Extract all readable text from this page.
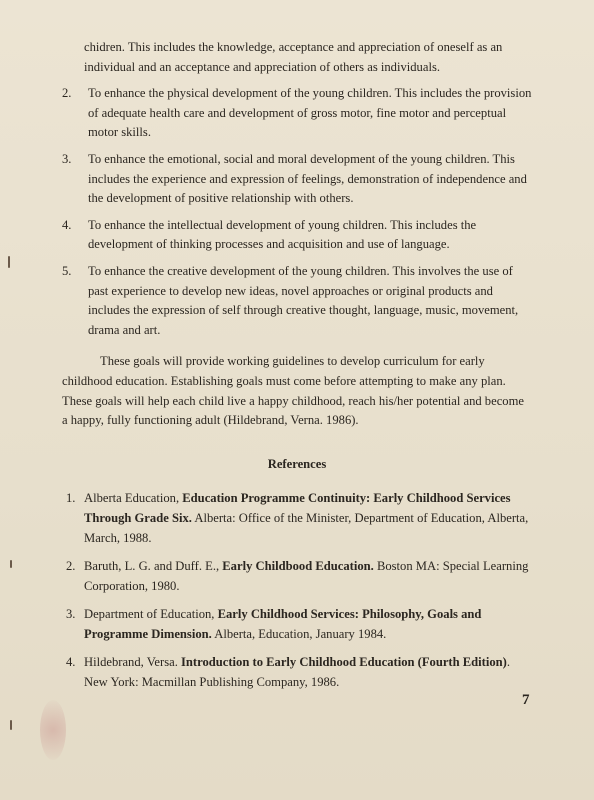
chidren. This includes the knowledge, acceptance and appreciation of oneself as an individual and an acceptance and appreciation of others as individuals.

2.	To enhance the physical development of the young children. This includes the provision of adequate health care and development of gross motor, fine motor and perceptual motor skills.
3.	To enhance the emotional, social and moral development of the young children. This includes the experience and expression of feelings, demonstration of independence and the development of positive relationship with others.
4.	To enhance the intellectual development of young children. This includes the development of thinking processes and acquisition and use of language.
5.	To enhance the creative development of the young children. This involves the use of past experience to develop new ideas, novel approaches or original products and includes the expression of self through creative thought, language, music, movement, drama and art.

These goals will provide working guidelines to develop curriculum for early childhood education. Establishing goals must come before attempting to make any plan. These goals will help each child live a happy childhood, reach his/her potential and become a happy, fully functioning adult (Hildebrand, Verna. 1986).

References
1. Alberta Education, Education Programme Continuity: Early Childhood Services Through Grade Six. Alberta: Office of the Minister, Department of Education, Alberta, March, 1988.
2. Baruth, L. G. and Duff. E., Early Childbood Education. Boston MA: Special Learning Corporation, 1980.
3. Department of Education, Early Childhood Services: Philosophy, Goals and Programme Dimension. Alberta, Education, January 1984.
4. Hildebrand, Versa. Introduction to Early Childhood Education (Fourth Edition). New York: Macmillan Publishing Company, 1986.
7
